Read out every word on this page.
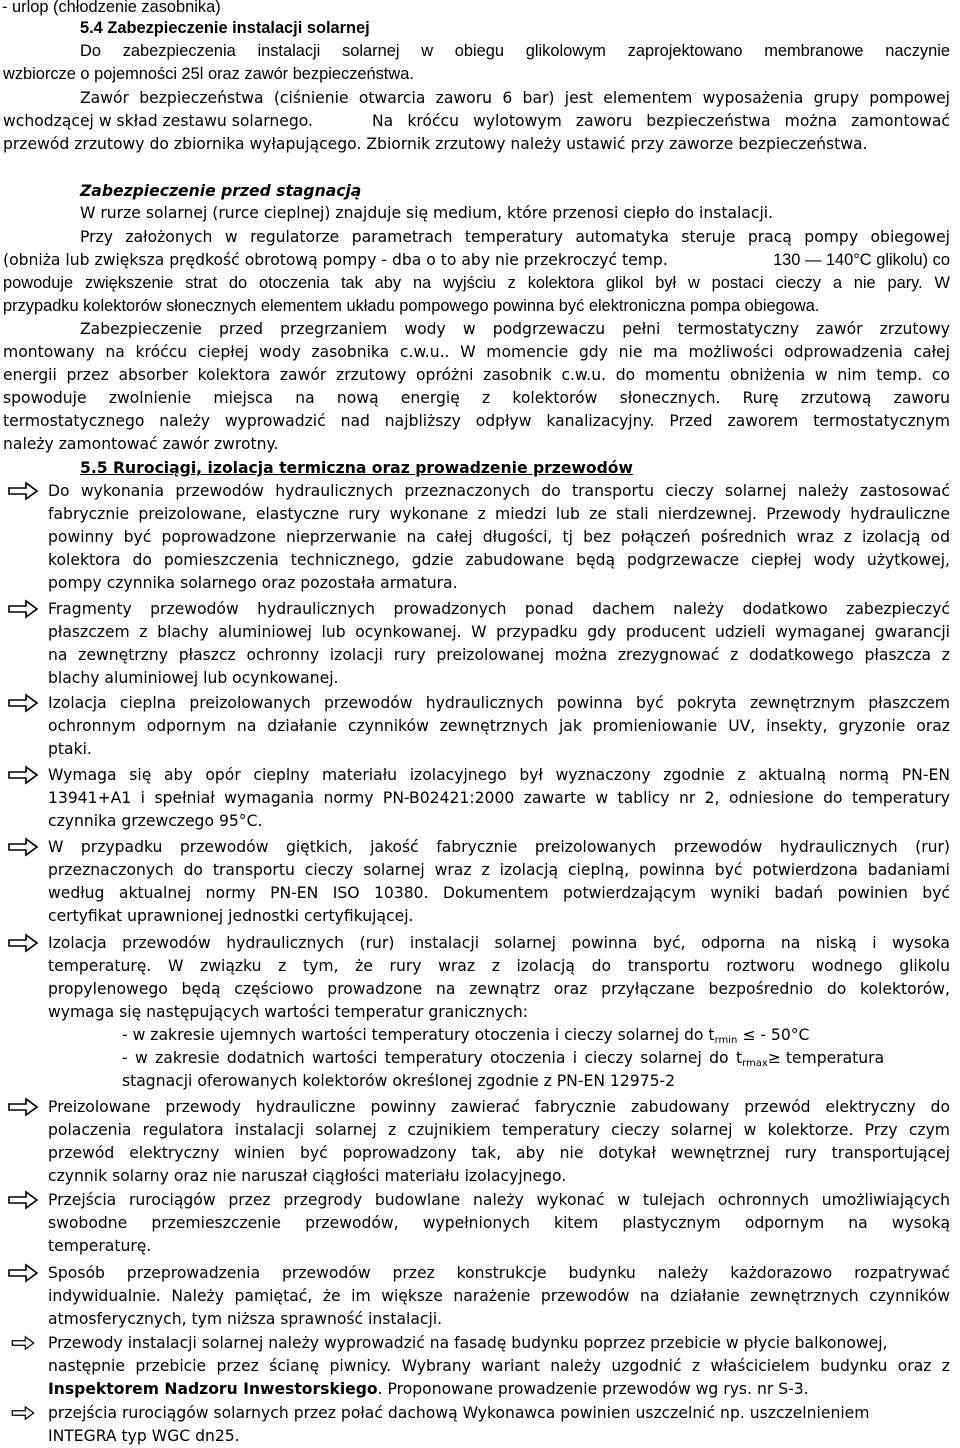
- urlop (chłodzenie zasobnika)
5.4 Zabezpieczenie instalacji solarnej
Do zabezpieczenia instalacji solarnej w obiegu glikolowym zaprojektowano membranowe naczynie
wzbiorcze o pojemności 25l oraz zawór bezpieczeństwa.
Zawór bezpieczeństwa (ciśnienie otwarcia zaworu 6 bar) jest elementem wyposażenia grupy pompowej
wchodzącej w skład zestawu solarnego.	Na króćcu wylotowym zaworu bezpieczeństwa można zamontować
przewód zrzutowy do zbiornika wyłapującego. Zbiornik zrzutowy należy ustawić przy zaworze bezpieczeństwa.
Zabezpieczenie przed stagnacją
W rurze solarnej (rurce cieplnej) znajduje się medium, które przenosi ciepło do instalacji.
Przy założonych w regulatorze parametrach temperatury automatyka steruje pracą pompy obiegowej
(obniża lub zwiększa prędkość obrotową pompy - dba o to aby nie przekroczyć temp.	130 ― 140°C glikolu) co
powoduje zwiększenie strat do otoczenia tak aby na wyjściu z kolektora glikol był w postaci cieczy a nie pary. W
przypadku kolektorów słonecznych elementem układu pompowego powinna być elektroniczna pompa obiegowa.
Zabezpieczenie przed przegrzaniem wody w podgrzewaczu pełni termostatyczny zawór zrzutowy
montowany na króćcu ciepłej wody zasobnika c.w.u.. W momencie gdy nie ma możliwości odprowadzenia całej
energii przez absorber kolektora zawór zrzutowy opróżni zasobnik c.w.u. do momentu obniżenia w nim temp. co
spowoduje zwolnienie miejsca na nową energię z kolektorów słonecznych. Rurę zrzutową zaworu
termostatycznego należy wyprowadzić nad najbliższy odpływ kanalizacyjny. Przed zaworem termostatycznym
należy zamontować zawór zwrotny.
5.5 Rurociągi, izolacja termiczna oraz prowadzenie przewodów
Do wykonania przewodów hydraulicznych przeznaczonych do transportu cieczy solarnej należy zastosować
fabrycznie preizolowane, elastyczne rury wykonane z miedzi lub ze stali nierdzewnej. Przewody hydrauliczne
powinny być poprowadzone nieprzerwanie na całej długości, tj bez połączeń pośrednich wraz z izolacją od
kolektora do pomieszczenia technicznego, gdzie zabudowane będą podgrzewacze ciepłej wody użytkowej,
pompy czynnika solarnego oraz pozostała armatura.
Fragmenty przewodów hydraulicznych prowadzonych ponad dachem należy dodatkowo zabezpieczyć
płaszczem z blachy aluminiowej lub ocynkowanej. W przypadku gdy producent udzieli wymaganej gwarancji
na zewnętrzny płaszcz ochronny izolacji rury preizolowanej można zrezygnować z dodatkowego płaszcza z
blachy aluminiowej lub ocynkowanej.
Izolacja cieplna preizolowanych przewodów hydraulicznych powinna być pokryta zewnętrznym płaszczem
ochronnym odpornym na działanie czynników zewnętrznych jak promieniowanie UV, insekty, gryzonie oraz
ptaki.
Wymaga się aby opór cieplny materiału izolacyjnego był wyznaczony zgodnie z aktualną normą PN-EN
13941+A1 i spełniał wymagania normy PN-B02421:2000 zawarte w tablicy nr 2, odniesione do temperatury
czynnika grzewczego 95°C.
W przypadku przewodów giętkich, jakość fabrycznie preizolowanych przewodów hydraulicznych (rur)
przeznaczonych do transportu cieczy solarnej wraz z izolacją cieplną, powinna być potwierdzona badaniami
według aktualnej normy PN-EN ISO 10380. Dokumentem potwierdzającym wyniki badań powinien być
certyfikat uprawnionej jednostki certyfikującej.
Izolacja przewodów hydraulicznych (rur) instalacji solarnej powinna być, odporna na niską i wysoka
temperaturę. W związku z tym, że rury wraz z izolacją do transportu roztworu wodnego glikolu
propylenowego będą częściowo prowadzone na zewnątrz oraz przyłączane bezpośrednio do kolektorów,
wymaga się następujących wartości temperatur granicznych:
- w zakresie ujemnych wartości temperatury otoczenia i cieczy solarnej do $t_{rmin}$ ≤ - 50°C
- w zakresie dodatnich wartości temperatury otoczenia i cieczy solarnej do $t_{rmax}\ge$ temperatura
stagnacji oferowanych kolektorów określonej zgodnie z PN-EN 12975-2
Preizolowane przewody hydrauliczne powinny zawierać fabrycznie zabudowany przewód elektryczny do
polaczenia regulatora instalacji solarnej z czujnikiem temperatury cieczy solarnej w kolektorze. Przy czym
przewód elektryczny winien być poprowadzony tak, aby nie dotykał wewnętrznej rury transportującej
czynnik solarny oraz nie naruszał ciągłości materiału izolacyjnego.
Przejścia rurociągów przez przegrody budowlane należy wykonać w tulejach ochronnych umożliwiających
swobodne przemieszczenie przewodów, wypełnionych kitem plastycznym odpornym na wysoką
temperaturę.
Sposób przeprowadzenia przewodów przez konstrukcje budynku należy każdorazowo rozpatrywać
indywidualnie. Należy pamiętać, że im większe narażenie przewodów na działanie zewnętrznych czynników
atmosferycznych, tym niższa sprawność instalacji.
Przewody instalacji solarnej należy wyprowadzić na fasadę budynku poprzez przebicie w płycie balkonowej,
następnie przebicie przez ścianę piwnicy. Wybrany wariant należy uzgodnić z właścicielem budynku oraz z
Inspektorem Nadzoru Inwestorskiego. Proponowane prowadzenie przewodów wg rys. nr S-3.
przejścia rurociągów solarnych przez połać dachową Wykonawca powinien uszczelnić np. uszczelnieniem
INTEGRA typ WGC dn25.
